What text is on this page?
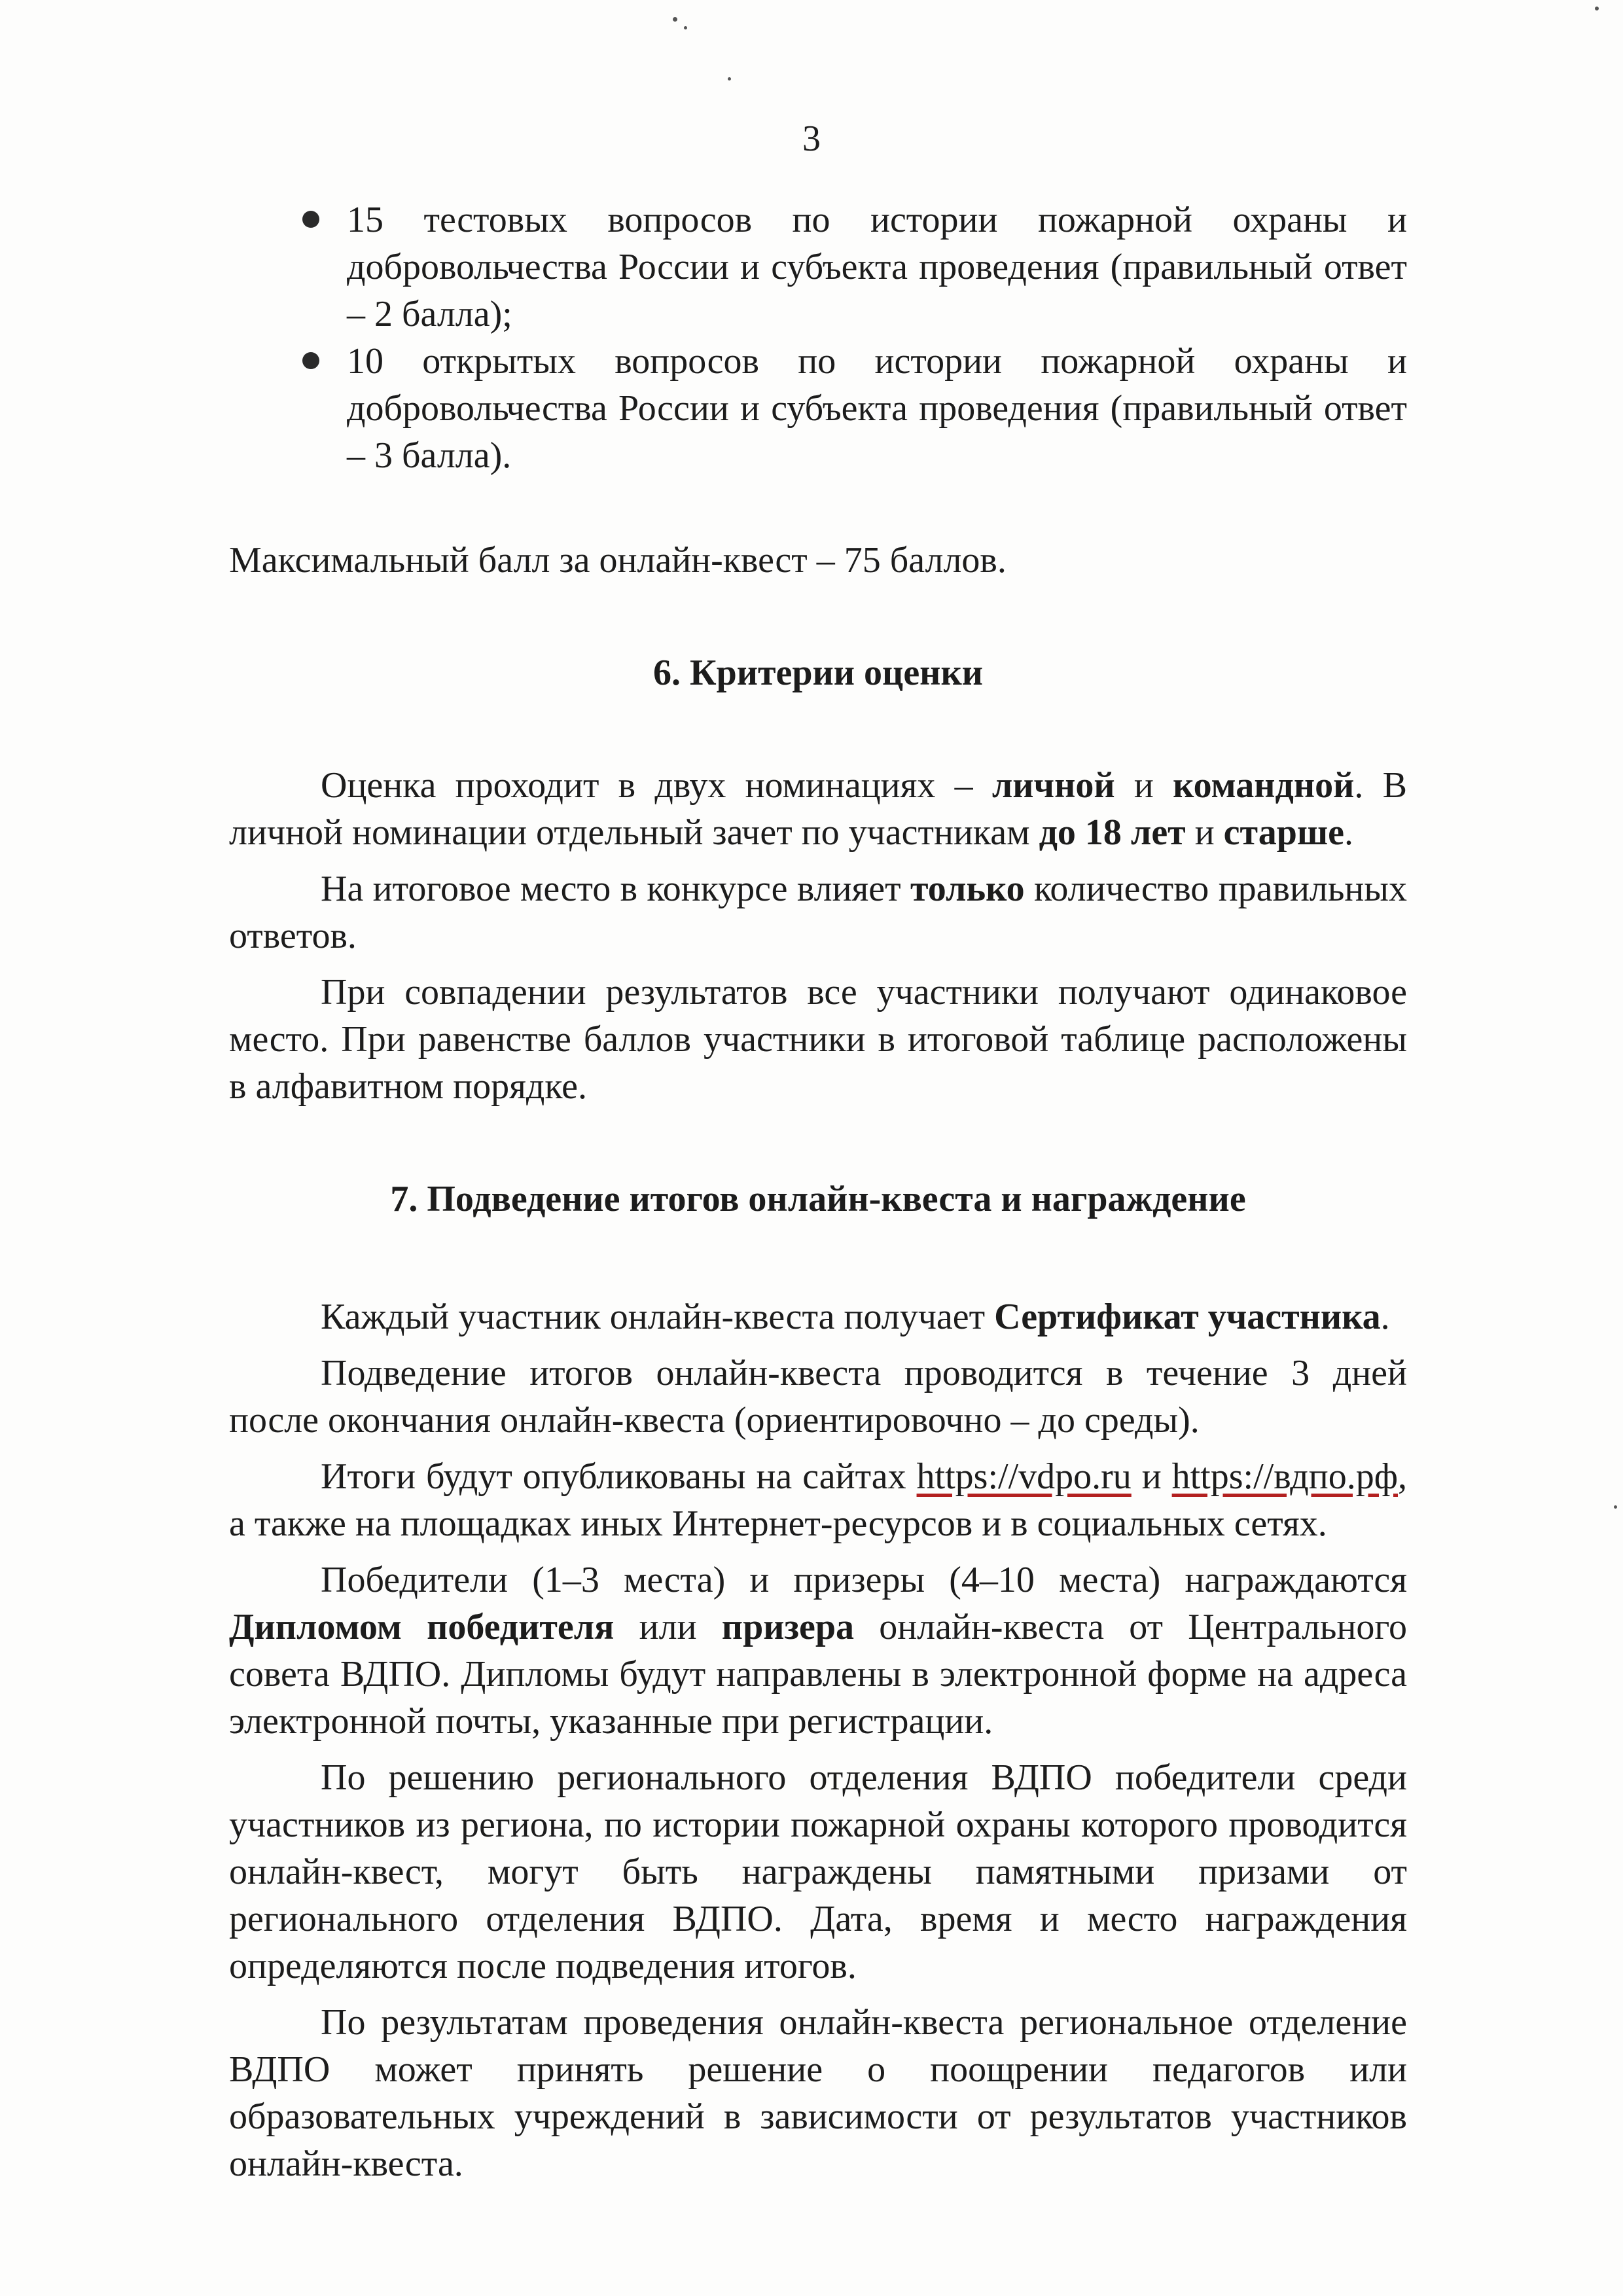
3
15 тестовых вопросов по истории пожарной охраны и добровольчества России и субъекта проведения (правильный ответ – 2 балла);
10 открытых вопросов по истории пожарной охраны и добровольчества России и субъекта проведения (правильный ответ – 3 балла).

Максимальный балл за онлайн-квест – 75 баллов.

6. Критерии оценки

Оценка проходит в двух номинациях – личной и командной. В личной номинации отдельный зачет по участникам до 18 лет и старше.

На итоговое место в конкурсе влияет только количество правильных ответов.

При совпадении результатов все участники получают одинаковое место. При равенстве баллов участники в итоговой таблице расположены в алфавитном порядке.

7. Подведение итогов онлайн-квеста и награждение

Каждый участник онлайн-квеста получает Сертификат участника.

Подведение итогов онлайн-квеста проводится в течение 3 дней после окончания онлайн-квеста (ориентировочно – до среды).

Итоги будут опубликованы на сайтах https://vdpo.ru и https://вдпо.рф, а также на площадках иных Интернет-ресурсов и в социальных сетях.

Победители (1–3 места) и призеры (4–10 места) награждаются Дипломом победителя или призера онлайн-квеста от Центрального совета ВДПО. Дипломы будут направлены в электронной форме на адреса электронной почты, указанные при регистрации.

По решению регионального отделения ВДПО победители среди участников из региона, по истории пожарной охраны которого проводится онлайн-квест, могут быть награждены памятными призами от регионального отделения ВДПО. Дата, время и место награждения определяются после подведения итогов.

По результатам проведения онлайн-квеста региональное отделение ВДПО может принять решение о поощрении педагогов или образовательных учреждений в зависимости от результатов участников онлайн-квеста.
